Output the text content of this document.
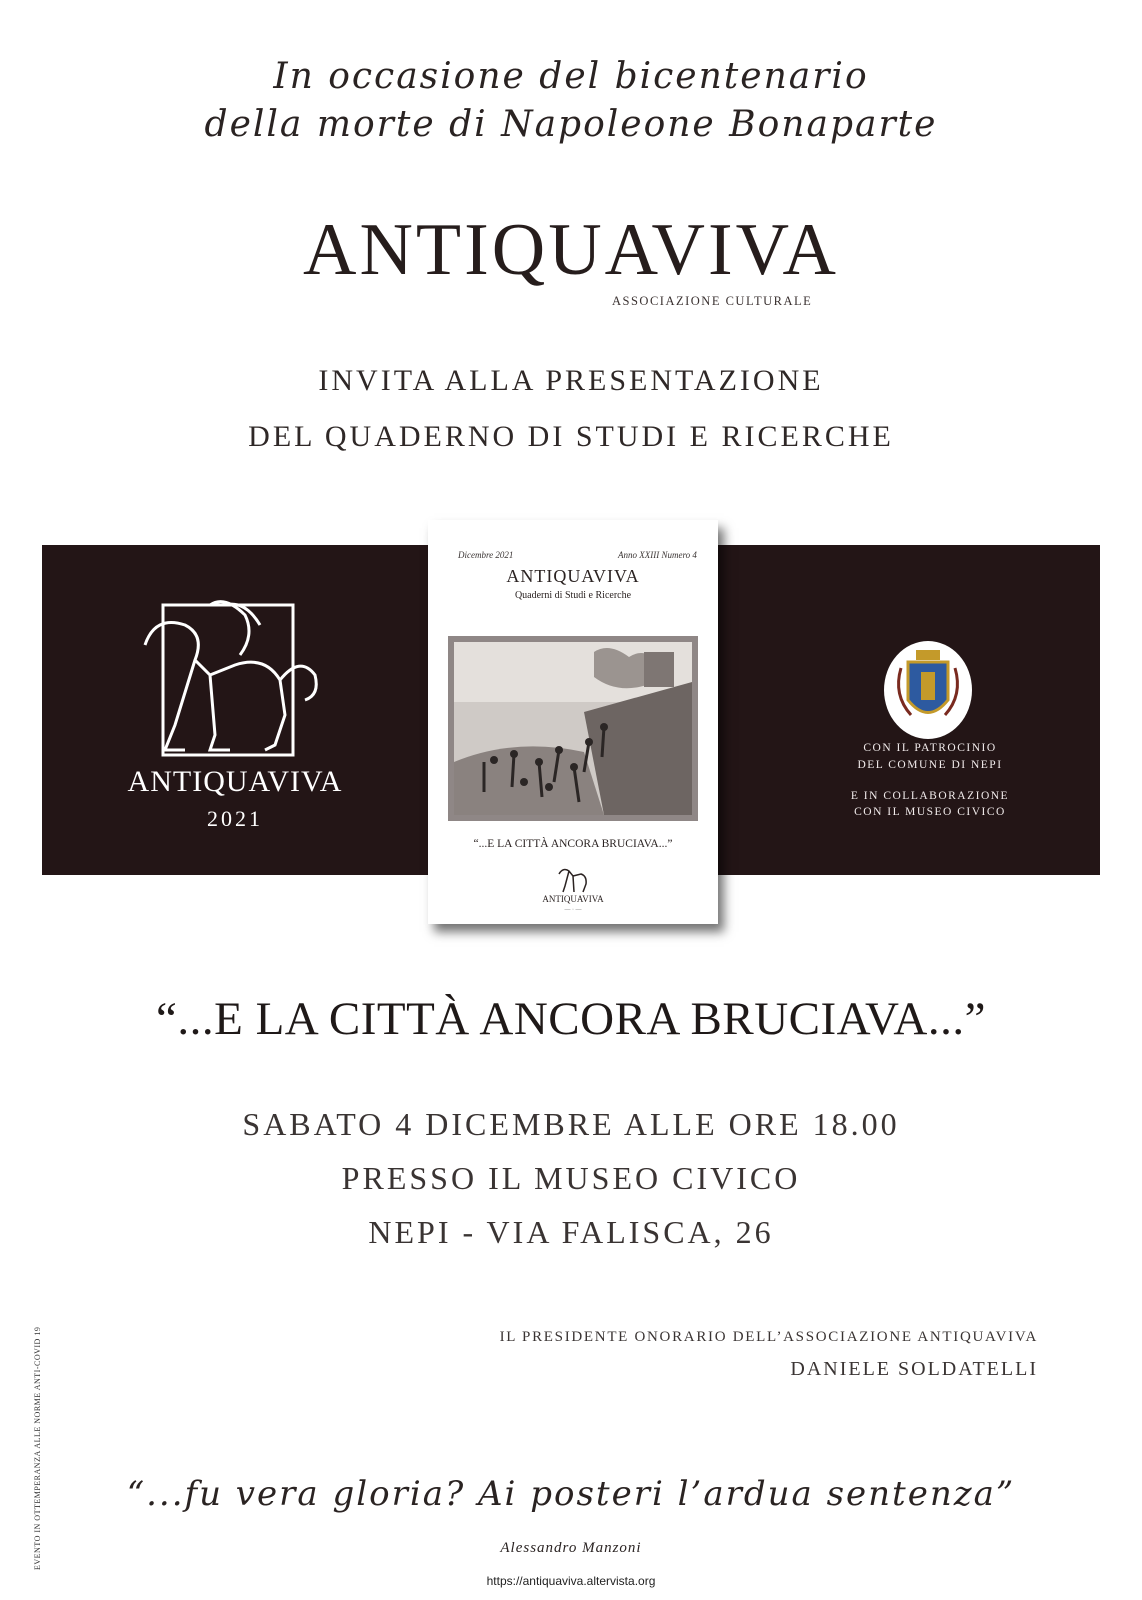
In occasione del bicentenario
della morte di Napoleone Bonaparte
ANTIQUAVIVA
ASSOCIAZIONE CULTURALE
INVITA ALLA PRESENTAZIONE
DEL QUADERNO DI STUDI E RICERCHE
ANTIQUAVIVA
2021
CON IL PATROCINIO
DEL COMUNE DI NEPI
E IN COLLABORAZIONE
CON IL MUSEO CIVICO
Dicembre 2021	Anno XXIII Numero 4
ANTIQUAVIVA
Quaderni di Studi e Ricerche
“...E LA CITTÀ ANCORA BRUCIAVA...”
ANTIQUAVIVA
— · —
“...E LA CITTÀ ANCORA BRUCIAVA...”
SABATO 4 DICEMBRE ALLE ORE 18.00
PRESSO IL MUSEO CIVICO
NEPI - VIA FALISCA, 26
IL PRESIDENTE ONORARIO DELL’ASSOCIAZIONE ANTIQUAVIVA
DANIELE SOLDATELLI
EVENTO IN OTTEMPERANZA ALLE NORME ANTI-COVID 19	“...fu vera gloria? Ai posteri l’ardua sentenza”
Alessandro Manzoni
https://antiquaviva.altervista.org
